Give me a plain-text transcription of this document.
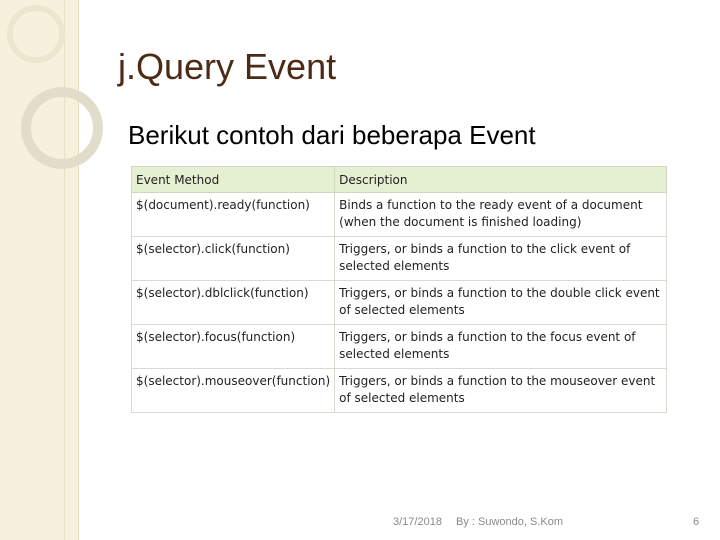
j.Query Event
Berikut contoh dari beberapa Event
Event Method	Description
$(document).ready(function)	Binds a function to the ready event of a document (when the document is finished loading)
$(selector).click(function)	Triggers, or binds a function to the click event of selected elements
$(selector).dblclick(function)	Triggers, or binds a function to the double click event of selected elements
$(selector).focus(function)	Triggers, or binds a function to the focus event of selected elements
$(selector).mouseover(function)	Triggers, or binds a function to the mouseover event of selected elements
3/17/2018 By : Suwondo, S.Kom	6
